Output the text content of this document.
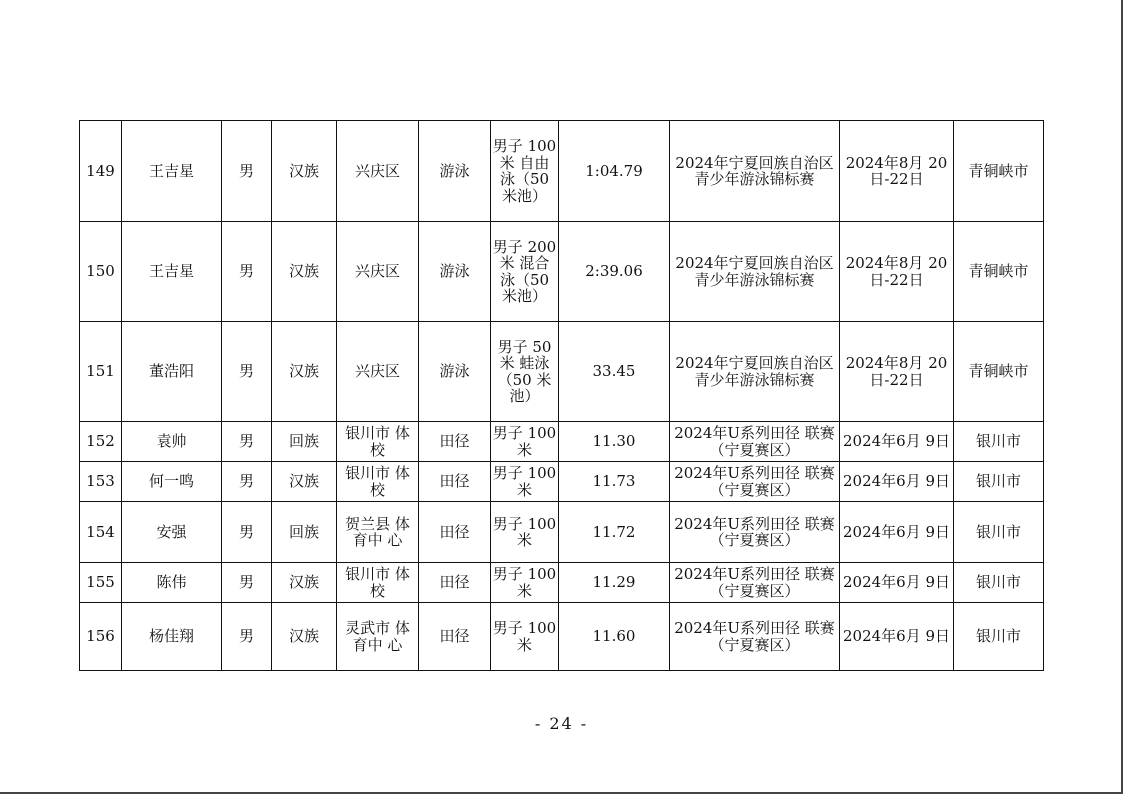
149	王吉星	男	汉族	兴庆区	游泳	男子 100米 自由 泳（50 米池）	1:04.79	2024年宁夏回族自治区青少年游泳锦标赛	2024年8月 20日-22日	青铜峡市
150	王吉星	男	汉族	兴庆区	游泳	男子 200米 混合 泳（50 米池）	2:39.06	2024年宁夏回族自治区青少年游泳锦标赛	2024年8月 20日-22日	青铜峡市
151	董浩阳	男	汉族	兴庆区	游泳	男子 50米 蛙泳 （50 米池）	33.45	2024年宁夏回族自治区青少年游泳锦标赛	2024年8月 20日-22日	青铜峡市
152	袁帅	男	回族	银川市 体校	田径	男子 100米	11.30	2024年U系列田径 联赛（宁夏赛区）	2024年6月 9日	银川市
153	何一鸣	男	汉族	银川市 体校	田径	男子 100米	11.73	2024年U系列田径 联赛（宁夏赛区）	2024年6月 9日	银川市
154	安强	男	回族	贺兰县 体育中 心	田径	男子 100米	11.72	2024年U系列田径 联赛（宁夏赛区）	2024年6月 9日	银川市
155	陈伟	男	汉族	银川市 体校	田径	男子 100米	11.29	2024年U系列田径 联赛（宁夏赛区）	2024年6月 9日	银川市
156	杨佳翔	男	汉族	灵武市 体育中 心	田径	男子 100米	11.60	2024年U系列田径 联赛（宁夏赛区）	2024年6月 9日	银川市
- 24 -
